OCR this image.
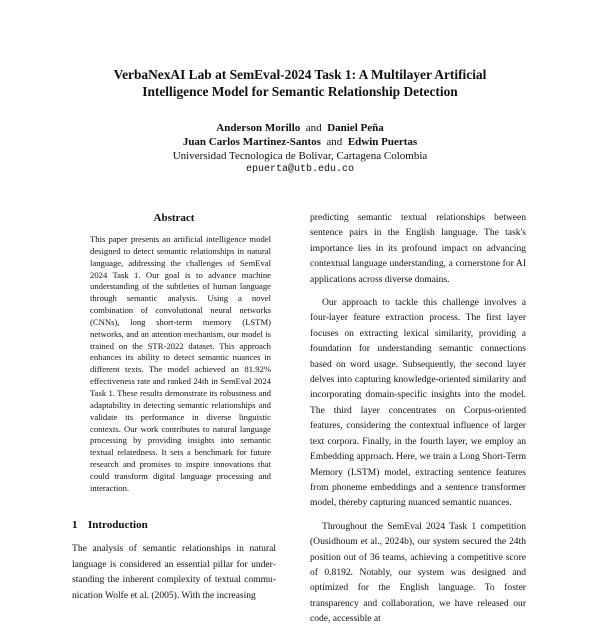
VerbaNexAI Lab at SemEval-2024 Task 1: A Multilayer Artificial
Intelligence Model for Semantic Relationship Detection
Anderson Morillo and Daniel Peña
Juan Carlos Martinez-Santos and Edwin Puertas
Universidad Tecnologica de Bolivar, Cartagena Colombia
epuerta@utb.edu.co
Abstract

This paper presents an artificial intelligence model designed to detect semantic relationships in natural language, addressing the challenges of SemEval 2024 Task 1. Our goal is to advance machine understanding of the subtleties of human language through semantic analysis. Using a novel combination of convolutional neural networks (CNNs), long short-term memory (LSTM) networks, and an attention mechanism, our model is trained on the STR-2022 dataset. This approach enhances its ability to detect semantic nuances in different texts. The model achieved an 81.92% effectiveness rate and ranked 24th in SemEval 2024 Task 1. These results demonstrate its robustness and adaptability in detecting semantic relationships and validate its performance in diverse linguistic contexts. Our work contributes to natural language processing by providing insights into semantic textual relatedness. It sets a benchmark for future research and promises to inspire innovations that could transform digital language processing and interaction.

1 Introduction

The analysis of semantic relationships in natural language is considered an essential pillar for understanding the inherent complexity of textual communication Wolfe et al. (2005). With the increasing

predicting semantic textual relationships between sentence pairs in the English language. The task's importance lies in its profound impact on advancing contextual language understanding, a cornerstone for AI applications across diverse domains.

Our approach to tackle this challenge involves a four-layer feature extraction process. The first layer focuses on extracting lexical similarity, providing a foundation for understanding semantic connections based on word usage. Subsequently, the second layer delves into capturing knowledge-oriented similarity and incorporating domain-specific insights into the model. The third layer concentrates on Corpus-oriented features, considering the contextual influence of larger text corpora. Finally, in the fourth layer, we employ an Embedding approach. Here, we train a Long Short-Term Memory (LSTM) model, extracting sentence features from phoneme embeddings and a sentence transformer model, thereby capturing nuanced semantic nuances.

Throughout the SemEval 2024 Task 1 competition (Ousidhoum et al., 2024b), our system secured the 24th position out of 36 teams, achieving a competitive score of 0.8192. Notably, our system was designed and optimized for the English language. To foster transparency and collaboration, we have released our code, accessible at
